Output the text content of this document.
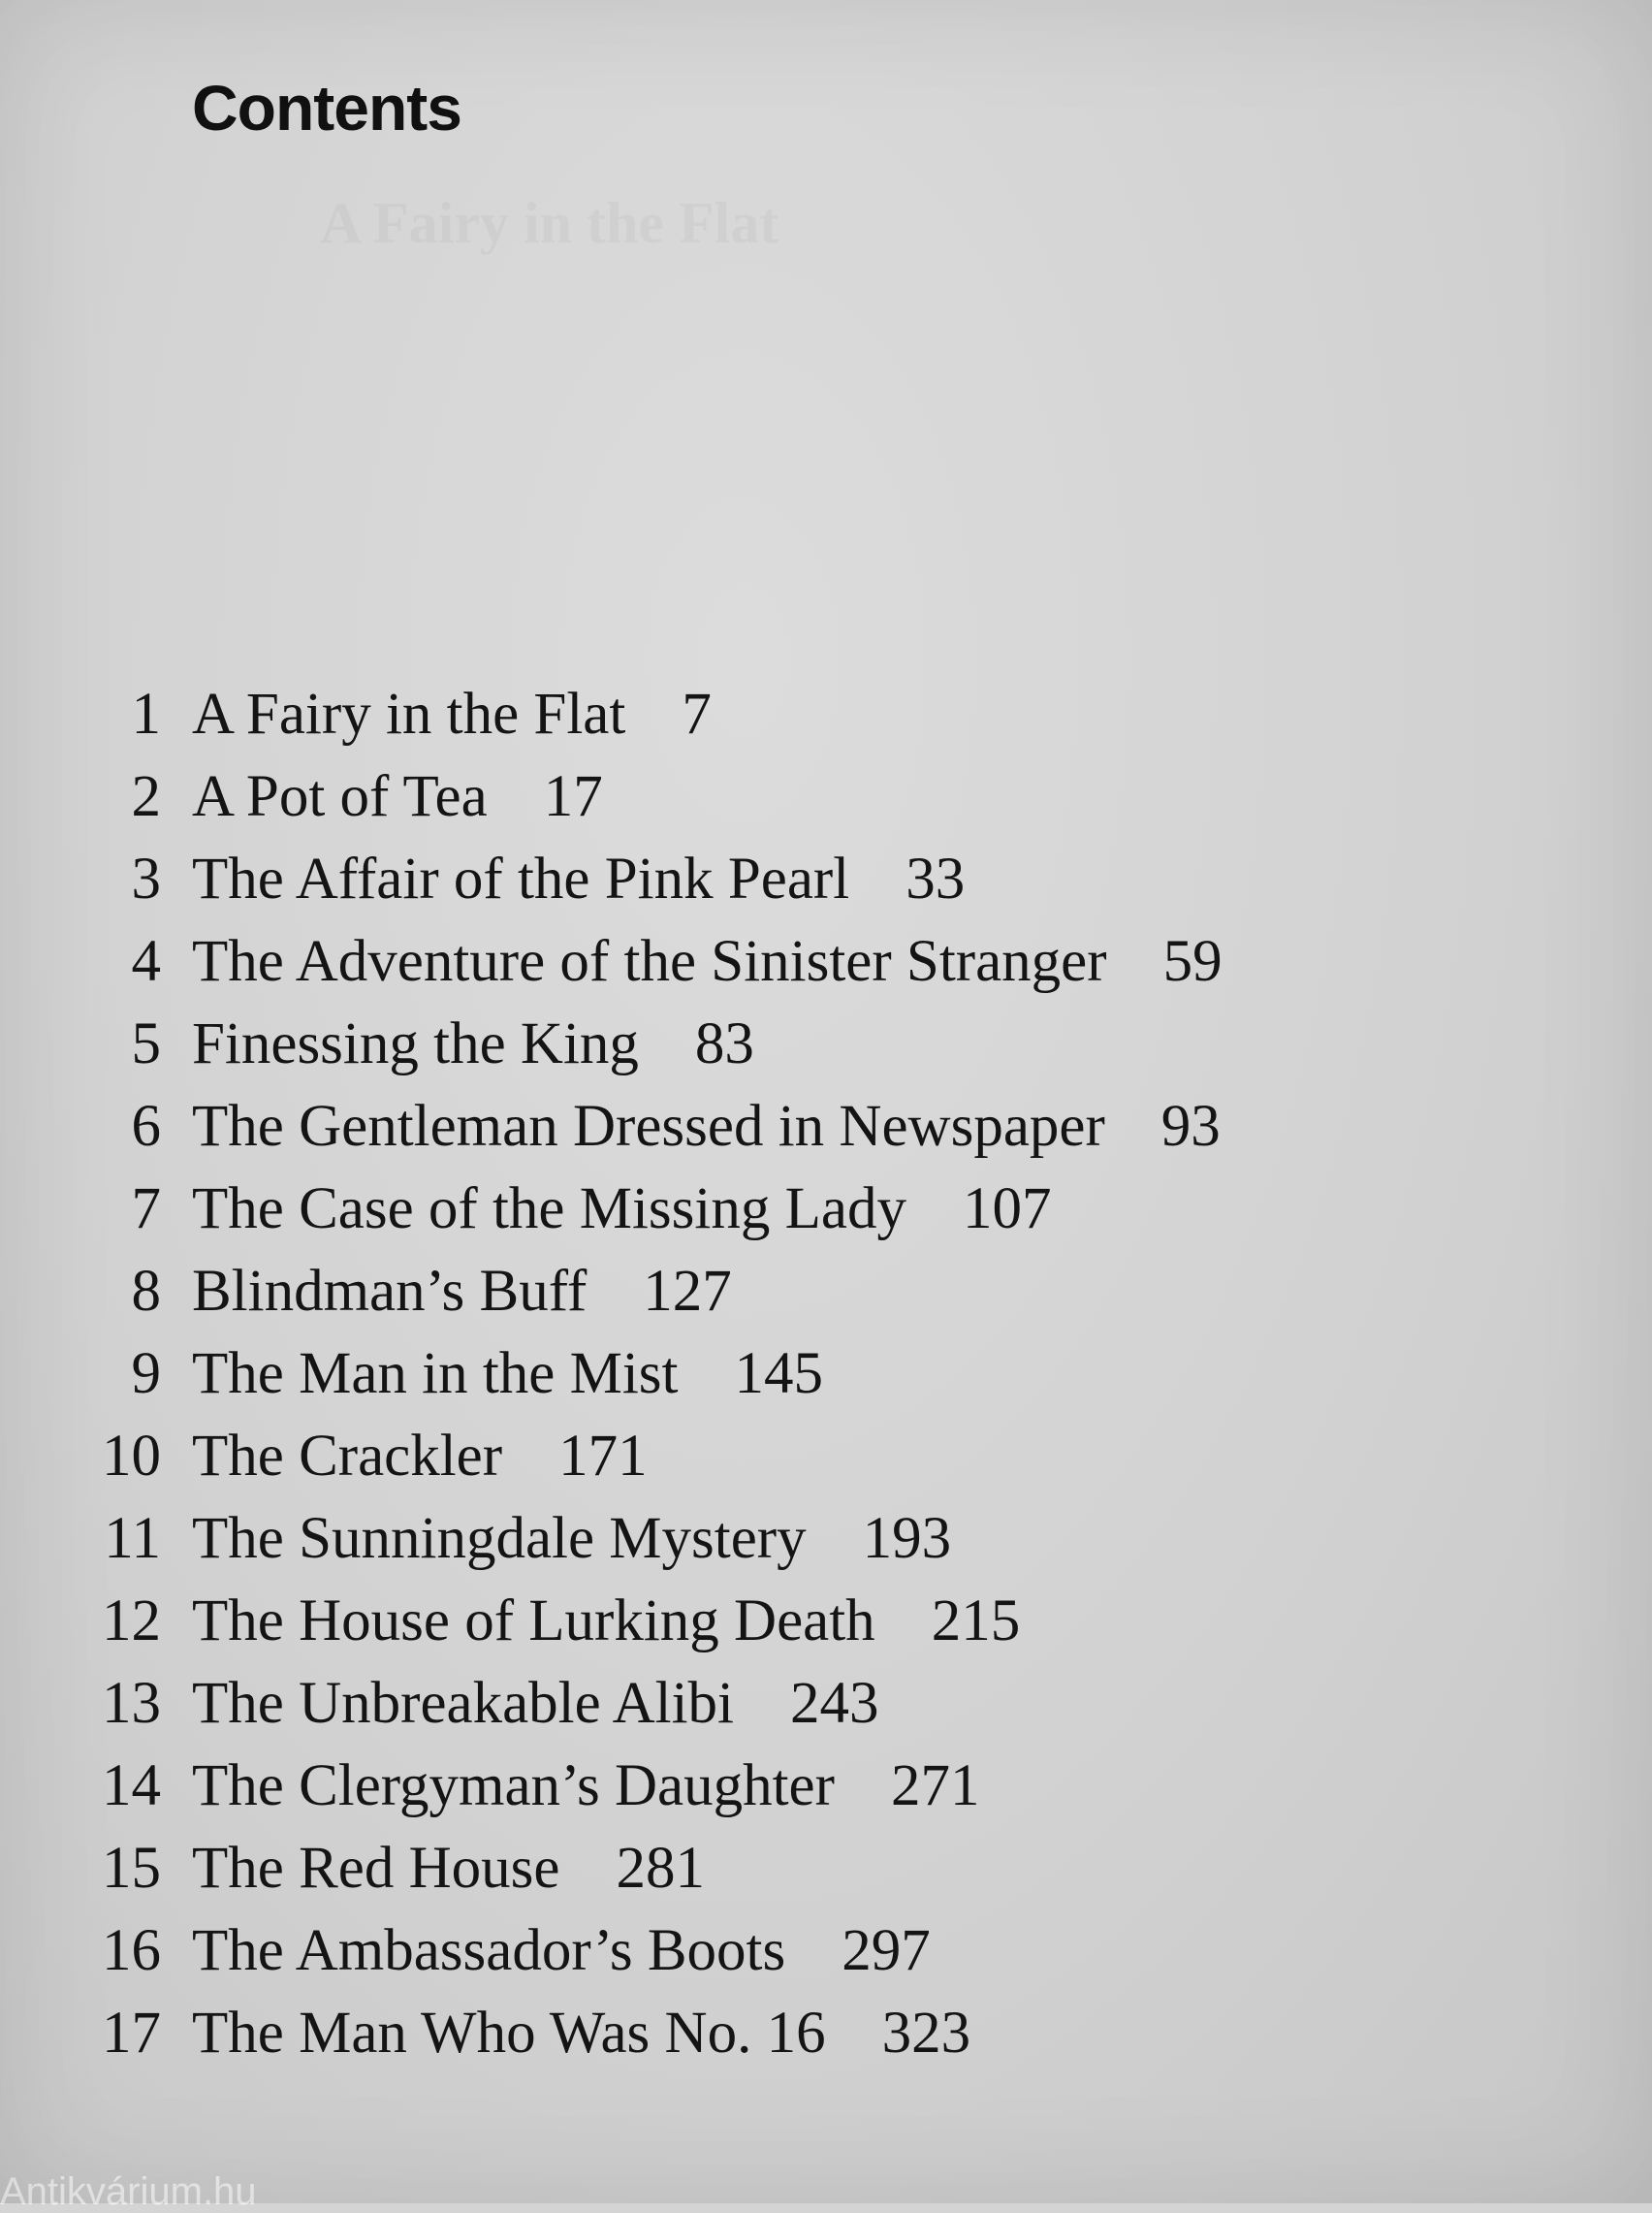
Contents
1 A Fairy in the Flat 7
2 A Pot of Tea 17
3 The Affair of the Pink Pearl 33
4 The Adventure of the Sinister Stranger 59
5 Finessing the King 83
6 The Gentleman Dressed in Newspaper 93
7 The Case of the Missing Lady 107
8 Blindman’s Buff 127
9 The Man in the Mist 145
10 The Crackler 171
11 The Sunningdale Mystery 193
12 The House of Lurking Death 215
13 The Unbreakable Alibi 243
14 The Clergyman’s Daughter 271
15 The Red House 281
16 The Ambassador’s Boots 297
17 The Man Who Was No. 16 323
Antikvárium.hu
